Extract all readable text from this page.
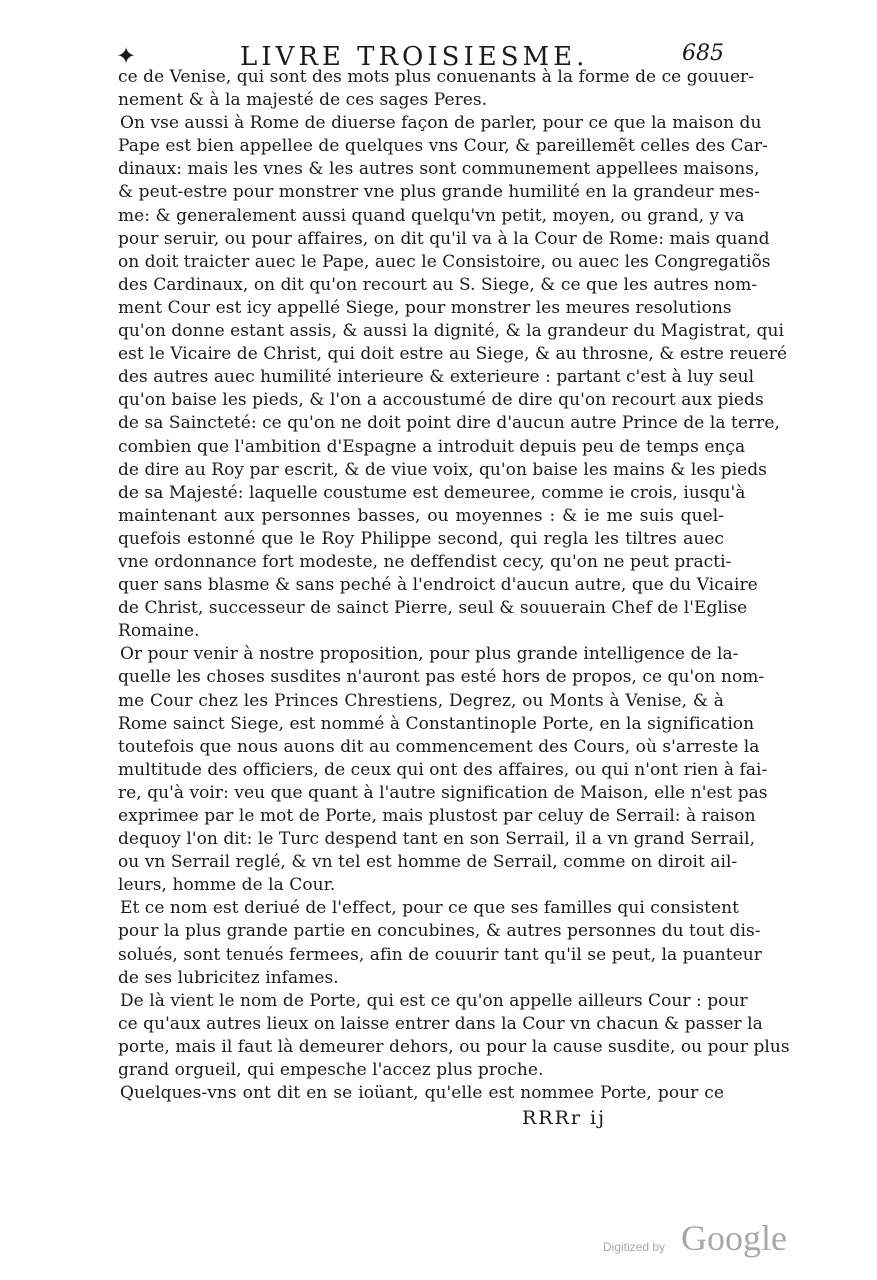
✦	LIVRE TROISIESME.	685
ce de Venise, qui sont des mots plus conuenants à la forme de ce gouuer-
nement & à la majesté de ces sages Peres.
On vse aussi à Rome de diuerse façon de parler, pour ce que la maison du
Pape est bien appellee de quelques vns Cour, & pareillemẽt celles des Car-
dinaux: mais les vnes & les autres sont communement appellees maisons,
& peut-estre pour monstrer vne plus grande humilité en la grandeur mes-
me: & generalement aussi quand quelqu'vn petit, moyen, ou grand, y va
pour seruir, ou pour affaires, on dit qu'il va à la Cour de Rome: mais quand
on doit traicter auec le Pape, auec le Consistoire, ou auec les Congregatiõs
des Cardinaux, on dit qu'on recourt au S. Siege, & ce que les autres nom-
ment Cour est icy appellé Siege, pour monstrer les meures resolutions
qu'on donne estant assis, & aussi la dignité, & la grandeur du Magistrat, qui
est le Vicaire de Christ, qui doit estre au Siege, & au throsne, & estre reueré
des autres auec humilité interieure & exterieure : partant c'est à luy seul
qu'on baise les pieds, & l'on a accoustumé de dire qu'on recourt aux pieds
de sa Saincteté: ce qu'on ne doit point dire d'aucun autre Prince de la terre,
combien que l'ambition d'Espagne a introduit depuis peu de temps ença
de dire au Roy par escrit, & de viue voix, qu'on baise les mains & les pieds
de sa Majesté: laquelle coustume est demeuree, comme ie crois, iusqu'à
maintenant aux personnes basses, ou moyennes : & ie me suis quel-
quefois estonné que le Roy Philippe second, qui regla les tiltres auec
vne ordonnance fort modeste, ne deffendist cecy, qu'on ne peut practi-
quer sans blasme & sans peché à l'endroict d'aucun autre, que du Vicaire
de Christ, successeur de sainct Pierre, seul & souuerain Chef de l'Eglise
Romaine.
Or pour venir à nostre proposition, pour plus grande intelligence de la-
quelle les choses susdites n'auront pas esté hors de propos, ce qu'on nom-
me Cour chez les Princes Chrestiens, Degrez, ou Monts à Venise, & à
Rome sainct Siege, est nommé à Constantinople Porte, en la signification
toutefois que nous auons dit au commencement des Cours, où s'arreste la
multitude des officiers, de ceux qui ont des affaires, ou qui n'ont rien à fai-
re, qu'à voir: veu que quant à l'autre signification de Maison, elle n'est pas
exprimee par le mot de Porte, mais plustost par celuy de Serrail: à raison
dequoy l'on dit: le Turc despend tant en son Serrail, il a vn grand Serrail,
ou vn Serrail reglé, & vn tel est homme de Serrail, comme on diroit ail-
leurs, homme de la Cour.
Et ce nom est deriué de l'effect, pour ce que ses familles qui consistent
pour la plus grande partie en concubines, & autres personnes du tout dis-
solués, sont tenués fermees, afin de couurir tant qu'il se peut, la puanteur
de ses lubricitez infames.
De là vient le nom de Porte, qui est ce qu'on appelle ailleurs Cour : pour
ce qu'aux autres lieux on laisse entrer dans la Cour vn chacun & passer la
porte, mais il faut là demeurer dehors, ou pour la cause susdite, ou pour plus
grand orgueil, qui empesche l'accez plus proche.
Quelques-vns ont dit en se ioüant, qu'elle est nommee Porte, pour ce
RRRr ij
Digitized by Google
